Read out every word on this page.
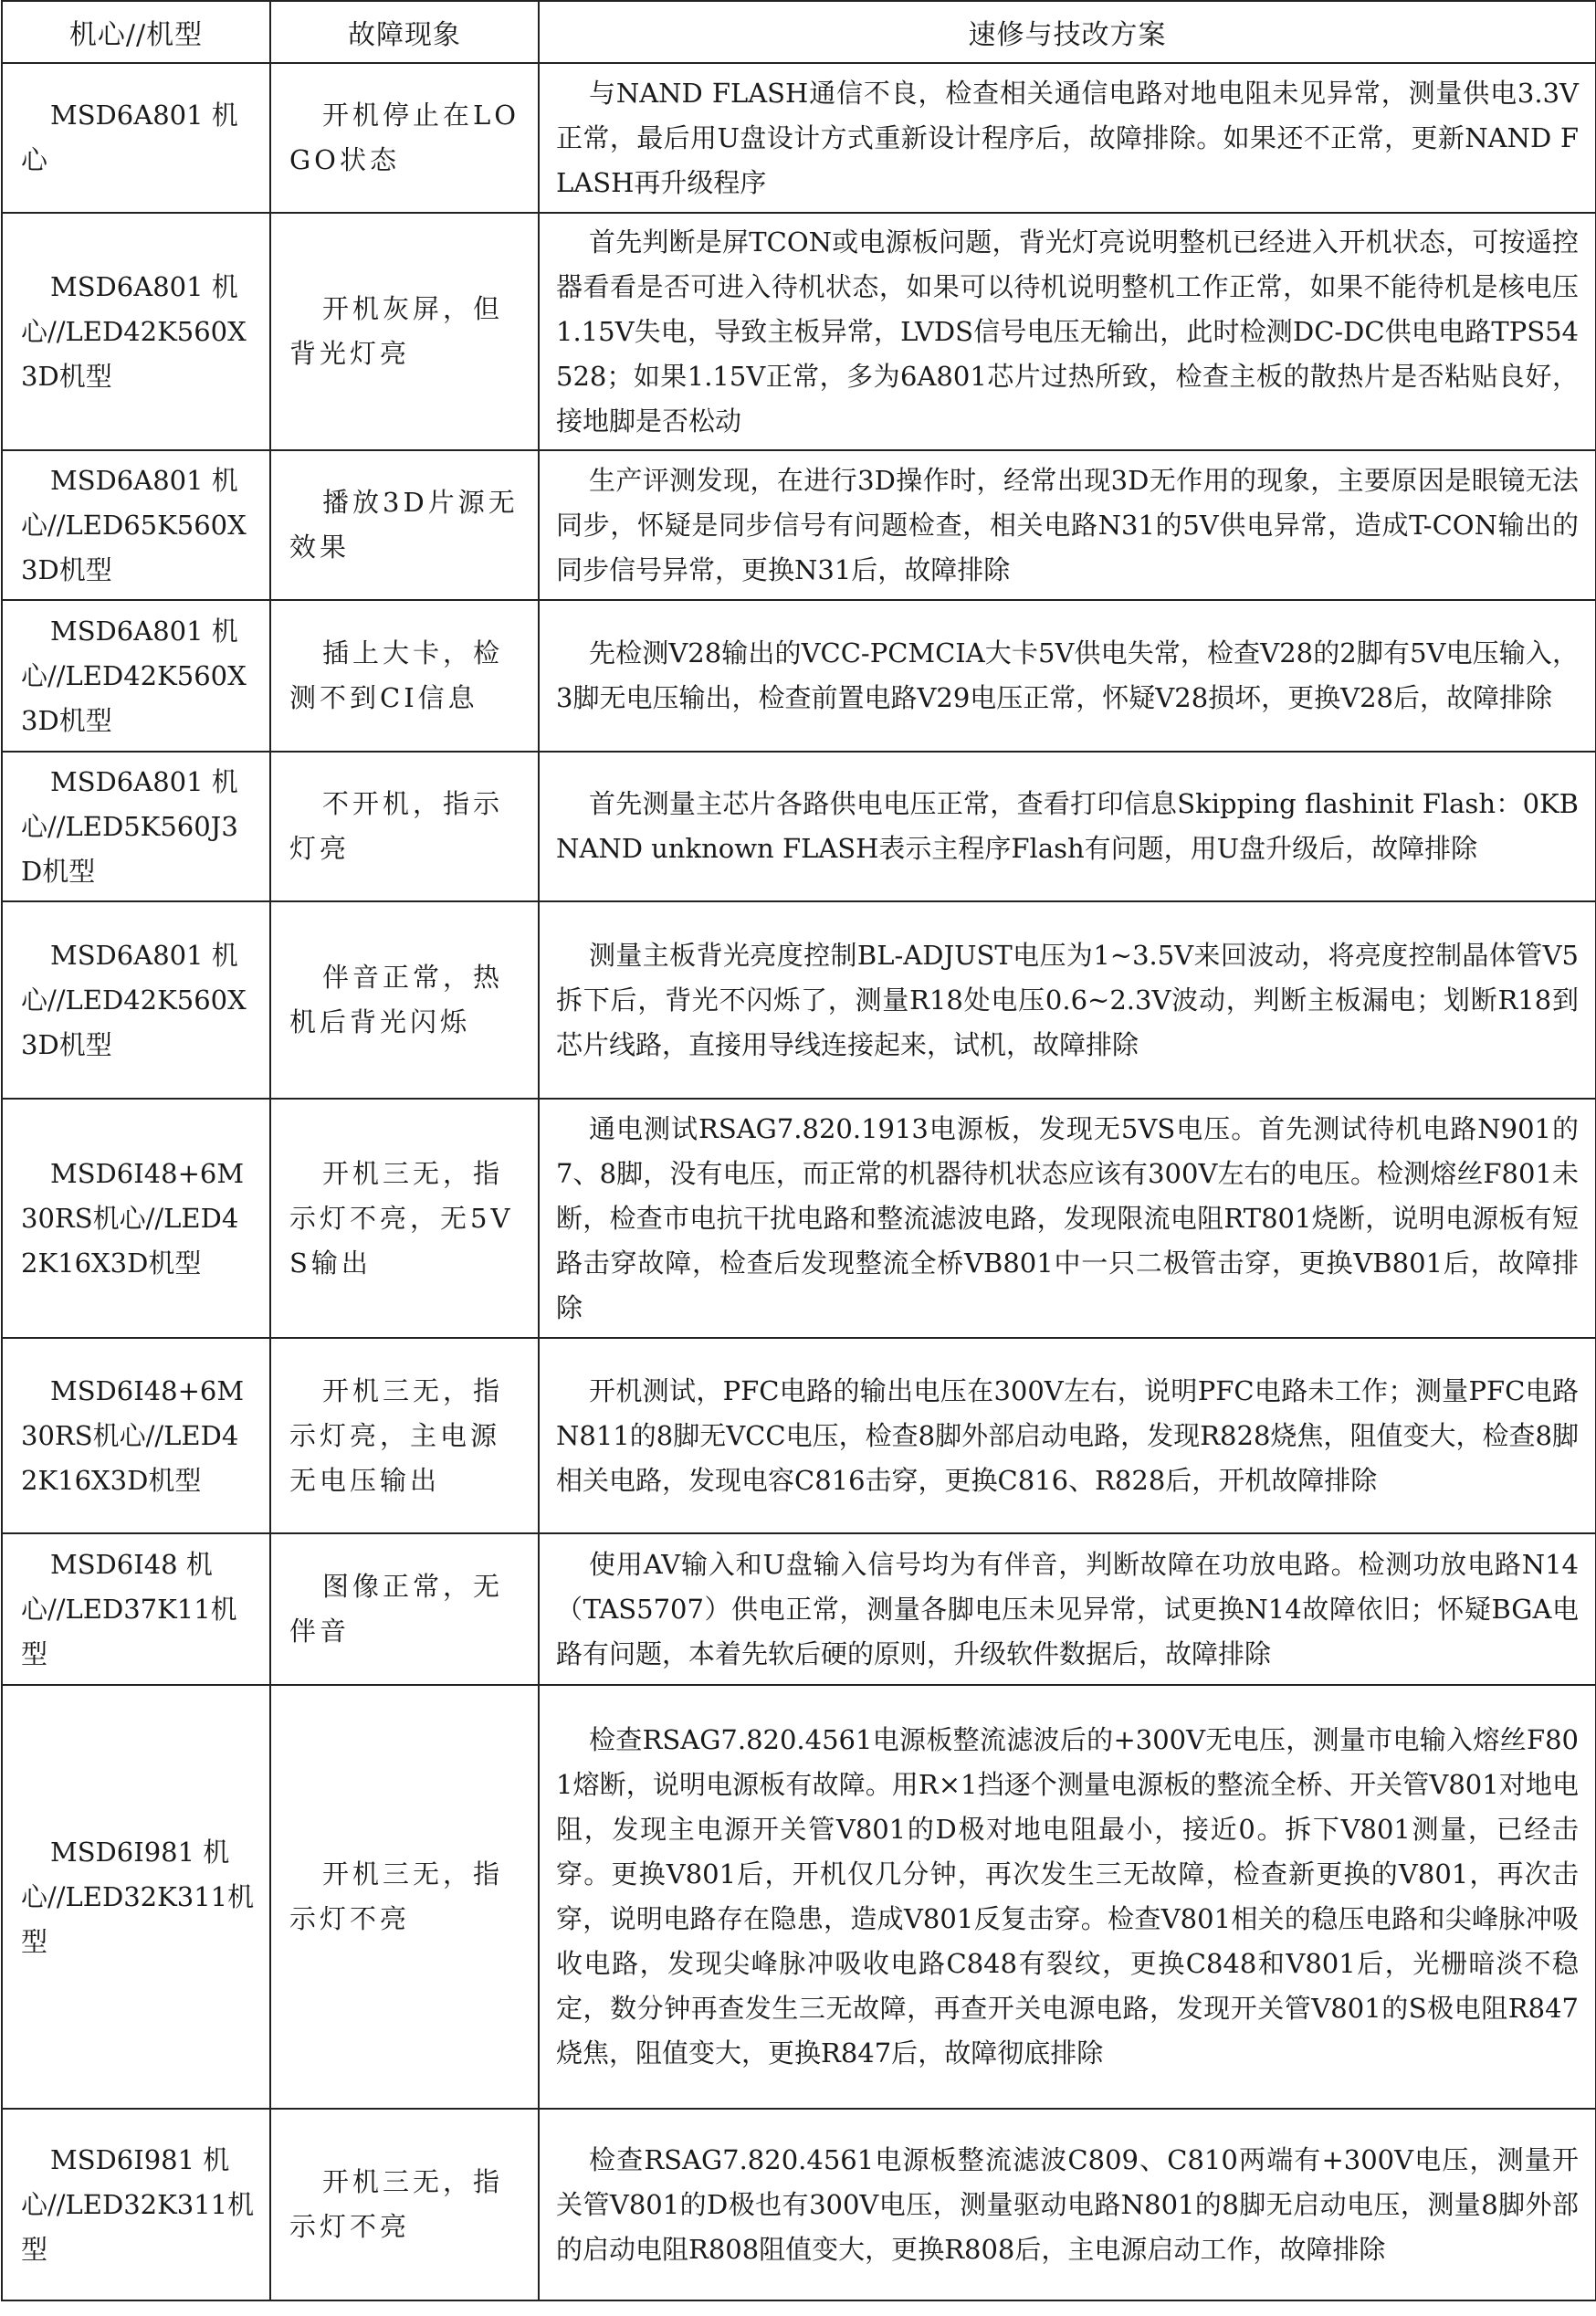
机心//机型	故障现象	速修与技改方案
MSD6A801 机心	开机停止在LOGO状态	与NAND FLASH通信不良，检查相关通信电路对地电阻未见异常，测量供电3.3V正常，最后用U盘设计方式重新设计程序后，故障排除。如果还不正常，更新NAND FLASH再升级程序
MSD6A801 机心//LED42K560X3D机型	开机灰屏，但背光灯亮	首先判断是屏TCON或电源板问题，背光灯亮说明整机已经进入开机状态，可按遥控器看看是否可进入待机状态，如果可以待机说明整机工作正常，如果不能待机是核电压1.15V失电，导致主板异常，LVDS信号电压无输出，此时检测DC-DC供电电路TPS54528；如果1.15V正常，多为6A801芯片过热所致，检查主板的散热片是否粘贴良好，接地脚是否松动
MSD6A801 机心//LED65K560X3D机型	播放3D片源无效果	生产评测发现，在进行3D操作时，经常出现3D无作用的现象，主要原因是眼镜无法同步，怀疑是同步信号有问题检查，相关电路N31的5V供电异常，造成T-CON输出的同步信号异常，更换N31后，故障排除
MSD6A801 机心//LED42K560X3D机型	插上大卡，检测不到CI信息	先检测V28输出的VCC-PCMCIA大卡5V供电失常，检查V28的2脚有5V电压输入，3脚无电压输出，检查前置电路V29电压正常，怀疑V28损坏，更换V28后，故障排除
MSD6A801 机心//LED5K560J3D机型	不开机，指示灯亮	首先测量主芯片各路供电电压正常，查看打印信息Skipping flashinit Flash：0KB NAND unknown FLASH表示主程序Flash有问题，用U盘升级后，故障排除
MSD6A801 机心//LED42K560X3D机型	伴音正常，热机后背光闪烁	测量主板背光亮度控制BL-ADJUST电压为1~3.5V来回波动，将亮度控制晶体管V5拆下后，背光不闪烁了，测量R18处电压0.6~2.3V波动，判断主板漏电；划断R18到芯片线路，直接用导线连接起来，试机，故障排除
MSD6I48+6M30RS机心//LED42K16X3D机型	开机三无，指示灯不亮，无5VS输出	通电测试RSAG7.820.1913电源板，发现无5VS电压。首先测试待机电路N901的7、8脚，没有电压，而正常的机器待机状态应该有300V左右的电压。检测熔丝F801未断，检查市电抗干扰电路和整流滤波电路，发现限流电阻RT801烧断，说明电源板有短路击穿故障，检查后发现整流全桥VB801中一只二极管击穿，更换VB801后，故障排除
MSD6I48+6M30RS机心//LED42K16X3D机型	开机三无，指示灯亮，主电源无电压输出	开机测试，PFC电路的输出电压在300V左右，说明PFC电路未工作；测量PFC电路N811的8脚无VCC电压，检查8脚外部启动电路，发现R828烧焦，阻值变大，检查8脚相关电路，发现电容C816击穿，更换C816、R828后，开机故障排除
MSD6I48 机心//LED37K11机型	图像正常，无伴音	使用AV输入和U盘输入信号均为有伴音，判断故障在功放电路。检测功放电路N14（TAS5707）供电正常，测量各脚电压未见异常，试更换N14故障依旧；怀疑BGA电路有问题，本着先软后硬的原则，升级软件数据后，故障排除
MSD6I981 机心//LED32K311机型	开机三无，指示灯不亮	检查RSAG7.820.4561电源板整流滤波后的+300V无电压，测量市电输入熔丝F801熔断，说明电源板有故障。用R×1挡逐个测量电源板的整流全桥、开关管V801对地电阻，发现主电源开关管V801的D极对地电阻最小，接近0。拆下V801测量，已经击穿。更换V801后，开机仅几分钟，再次发生三无故障，检查新更换的V801，再次击穿，说明电路存在隐患，造成V801反复击穿。检查V801相关的稳压电路和尖峰脉冲吸收电路，发现尖峰脉冲吸收电路C848有裂纹，更换C848和V801后，光栅暗淡不稳定，数分钟再查发生三无故障，再查开关电源电路，发现开关管V801的S极电阻R847烧焦，阻值变大，更换R847后，故障彻底排除
MSD6I981 机心//LED32K311机型	开机三无，指示灯不亮	检查RSAG7.820.4561电源板整流滤波C809、C810两端有+300V电压，测量开关管V801的D极也有300V电压，测量驱动电路N801的8脚无启动电压，测量8脚外部的启动电阻R808阻值变大，更换R808后，主电源启动工作，故障排除
